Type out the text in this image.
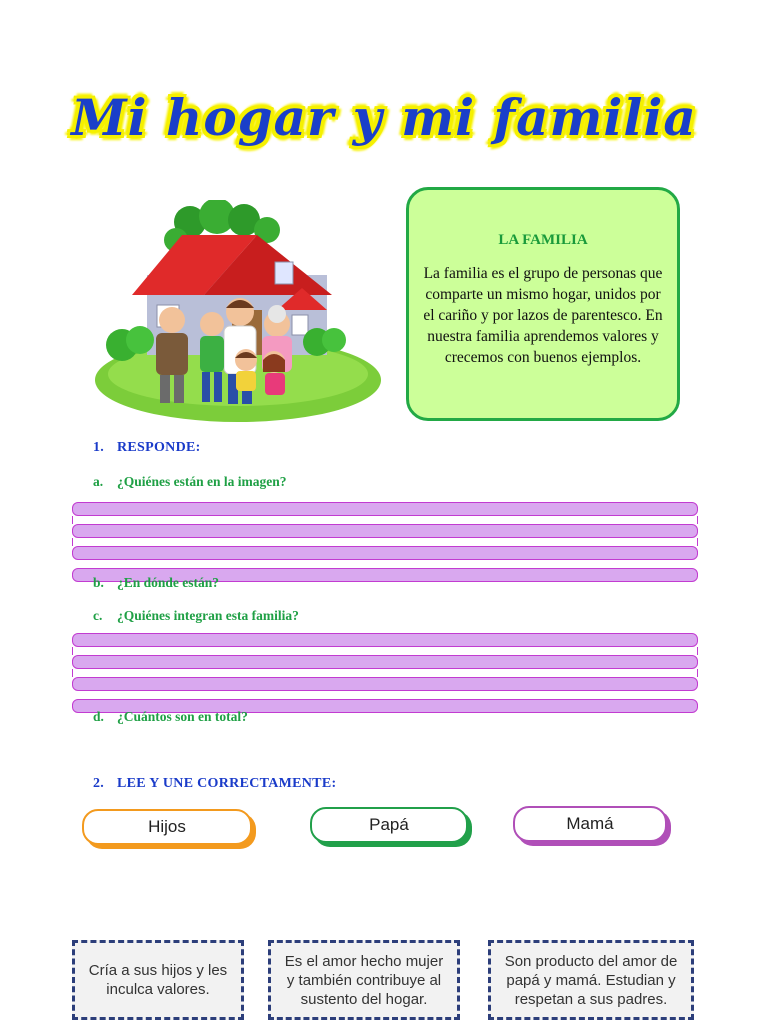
Mi hogar y mi familia
LA FAMILIA
La familia es el grupo de personas que comparte un mismo hogar, unidos por el cariño y por lazos de parentesco. En nuestra familia aprendemos valores y crecemos con buenos ejemplos.
1. RESPONDE:
a. ¿Quiénes están en la imagen?
b. ¿En dónde están?
c. ¿Quiénes integran esta familia?
d. ¿Cuántos son en total?
2. LEE Y UNE CORRECTAMENTE:
Hijos	Papá	Mamá
Cría a sus hijos y les inculca valores.
Es el amor hecho mujer y también contribuye al sustento del hogar.
Son producto del amor de papá y mamá. Estudian y respetan a sus padres.
